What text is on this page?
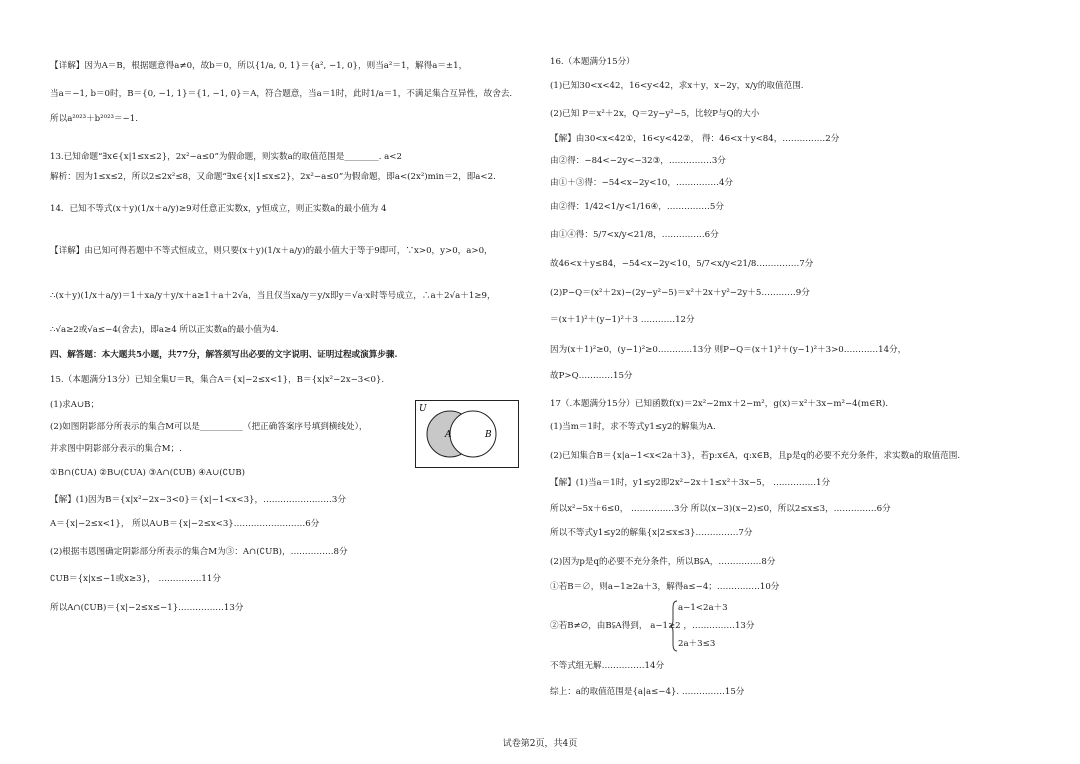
【详解】因为A＝B，根据题意得a≠0，故b＝0，所以{1/a, 0, 1}＝{a², −1, 0}，则当a²＝1，解得a＝±1，
当a＝−1, b＝0时，B＝{0, −1, 1}＝{1, −1, 0}＝A，符合题意，当a＝1时，此时1/a＝1，不满足集合互异性，故舍去.
所以a²⁰²³＋b²⁰²³＝−1.
13.已知命题“∃x∈{x|1≤x≤2}，2x²−a≤0”为假命题，则实数a的取值范围是________. a<2
解析：因为1≤x≤2，所以2≤2x²≤8，又命题“∃x∈{x|1≤x≤2}，2x²−a≤0”为假命题，即a<(2x²)min＝2，即a<2.
14．已知不等式(x＋y)(1/x＋a/y)≥9对任意正实数x，y恒成立，则正实数a的最小值为 4
【详解】由已知可得若题中不等式恒成立，则只要(x＋y)(1/x＋a/y)的最小值大于等于9即可，∵x>0，y>0，a>0，
∴(x＋y)(1/x＋a/y)＝1＋xa/y＋y/x＋a≥1＋a＋2√a，当且仅当xa/y＝y/x即y＝√a·x时等号成立，∴a＋2√a＋1≥9，
∴√a≥2或√a≤−4(舍去)，即a≥4 所以正实数a的最小值为4.
四、解答题：本大题共5小题，共77分，解答须写出必要的文字说明、证明过程或演算步骤.
15.（本题满分13分）已知全集U＝R，集合A＝{x|−2≤x<1}，B＝{x|x²−2x−3<0}.
(1)求A∪B；
(2)如图阴影部分所表示的集合M可以是__________（把正确答案序号填到横线处），
并求图中阴影部分表示的集合M；.
①B∩(∁UA) ②B∪(∁UA) ③A∩(∁UB) ④A∪(∁UB)
【解】(1)因为B＝{x|x²−2x−3<0}＝{x|−1<x<3}，……………………3分
A＝{x|−2≤x<1}， 所以A∪B＝{x|−2≤x<3}.……………………6分
(2)根据韦恩图确定阴影部分所表示的集合M为③：A∩(∁UB)，……………8分
∁UB＝{x|x≤−1或x≥3}， ……………11分
所以A∩(∁UB)＝{x|−2≤x≤−1}.……………13分
U
A	B
16.（本题满分15分）
(1)已知30<x<42，16<y<42，求x＋y，x−2y，x/y的取值范围.
(2)已知 P＝x²＋2x，Q＝2y−y²−5，比较P与Q的大小
【解】由30<x<42①，16<y<42②， 得：46<x＋y<84，……………2分
由②得：−84<−2y<−32③，……………3分
由①＋③得：−54<x−2y<10，……………4分
由②得：1/42<1/y<1/16④，……………5分
由①④得：5/7<x/y<21/8，……………6分
故46<x＋y≤84，−54<x−2y<10，5/7<x/y<21/8……………7分
(2)P−Q＝(x²＋2x)−(2y−y²−5)＝x²＋2x＋y²−2y＋5…………9分
＝(x＋1)²＋(y−1)²＋3 …………12分
因为(x＋1)²≥0，(y−1)²≥0…………13分 则P−Q＝(x＋1)²＋(y−1)²＋3>0…………14分，
故P>Q…………15分
17（.本题满分15分）已知函数f(x)＝2x²−2mx＋2−m²，g(x)＝x²＋3x−m²−4(m∈R).
(1)当m＝1时，求不等式y1≤y2的解集为A.
(2)已知集合B＝{x|a−1<x<2a＋3}，若p:x∈A，q:x∈B，且p是q的必要不充分条件，求实数a的取值范围.
【解】(1)当a＝1时，y1≤y2即2x²−2x＋1≤x²＋3x−5， ……………1分
所以x²−5x＋6≤0， ……………3分 所以(x−3)(x−2)≤0，所以2≤x≤3，……………6分
所以不等式y1≤y2的解集{x|2≤x≤3}……………7分
(2)因为p是q的必要不充分条件，所以B⫋A，……………8分
①若B＝∅，则a−1≥2a＋3，解得a≤−4；……………10分
a−1<2a＋3
②若B≠∅，由B⫋A得到， a−1≥2 ，……………13分
2a＋3≤3
不等式组无解……………14分
综上：a的取值范围是{a|a≤−4}. ……………15分
试卷第2页，共4页
